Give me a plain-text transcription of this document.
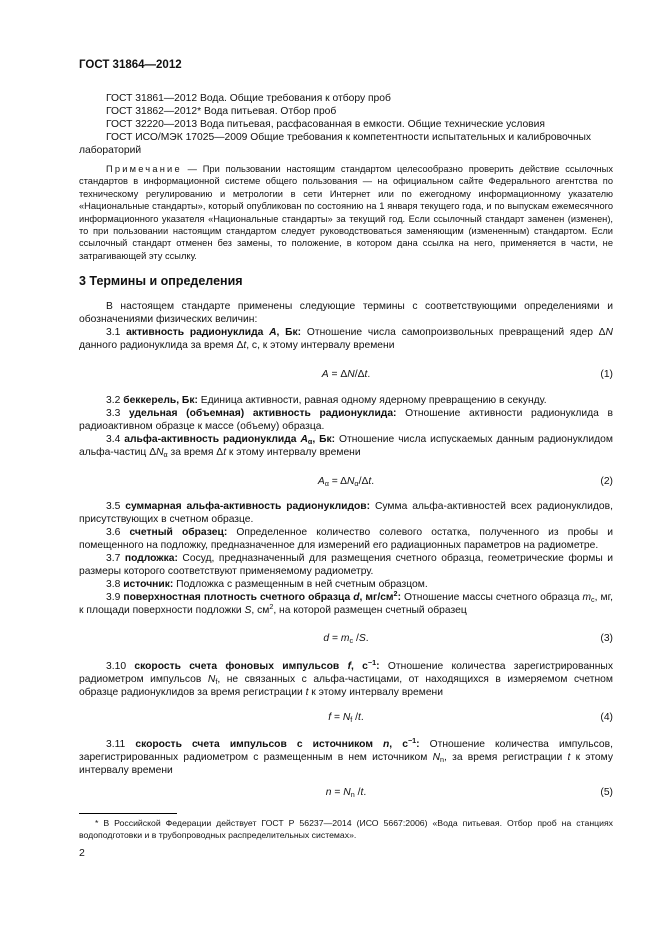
ГОСТ 31864—2012

ГОСТ 31861—2012 Вода. Общие требования к отбору проб

ГОСТ 31862—2012* Вода питьевая. Отбор проб

ГОСТ 32220—2013 Вода питьевая, расфасованная в емкости. Общие технические условия

ГОСТ ИСО/МЭК 17025—2009 Общие требования к компетентности испытательных и калибровочных лабораторий

Примечание — При пользовании настоящим стандартом целесообразно проверить действие ссылочных стандартов в информационной системе общего пользования — на официальном сайте Федерального агентства по техническому регулированию и метрологии в сети Интернет или по ежегодному информационному указателю «Национальные стандарты», который опубликован по состоянию на 1 января текущего года, и по выпускам ежемесячного информационного указателя «Национальные стандарты» за текущий год. Если ссылочный стандарт заменен (изменен), то при пользовании настоящим стандартом следует руководствоваться заменяющим (измененным) стандартом. Если ссылочный стандарт отменен без замены, то положение, в котором дана ссылка на него, применяется в части, не затрагивающей эту ссылку.
3 Термины и определения

В настоящем стандарте применены следующие термины с соответствующими определениями и обозначениями физических величин:

3.1 активность радионуклида A, Бк: Отношение числа самопроизвольных превращений ядер ΔN данного радионуклида за время Δt, с, к этому интервалу времени

A = ΔN/Δt.	(1)

3.2 беккерель, Бк: Единица активности, равная одному ядерному превращению в секунду.

3.3 удельная (объемная) активность радионуклида: Отношение активности радионуклида в радиоактивном образце к массе (объему) образца.

3.4 альфа-активность радионуклида $A_\alpha$, Бк: Отношение числа испускаемых данным радионуклидом альфа-частиц $\Delta N_\alpha$ за время Δt к этому интервалу времени

$A_\alpha = \Delta N_\alpha/\Delta t$.	(2)

3.5 суммарная альфа-активность радионуклидов: Сумма альфа-активностей всех радионуклидов, присутствующих в счетном образце.

3.6 счетный образец: Определенное количество солевого остатка, полученного из пробы и помещенного на подложку, предназначенное для измерений его радиационных параметров на радиометре.

3.7 подложка: Сосуд, предназначенный для размещения счетного образца, геометрические формы и размеры которого соответствуют применяемому радиометру.

3.8 источник: Подложка с размещенным в ней счетным образцом.

3.9 поверхностная плотность счетного образца d, $мг/см^2$: Отношение массы счетного образца $m_c$, мг, к площади поверхности подложки S, $см^2$, на которой размещен счетный образец

$d = m_c$ /S.	(3)

3.10 скорость счета фоновых импульсов f, $с^{-1}$: Отношение количества зарегистрированных радиометром импульсов $N_f$, не связанных с альфа-частицами, от находящихся в измеряемом счетном образце радионуклидов за время регистрации t к этому интервалу времени

$f = N_f$ /t.	(4)

3.11 скорость счета импульсов с источником n, $с^{-1}$: Отношение количества импульсов, зарегистрированных радиометром с размещенным в нем источником $N_n$, за время регистрации t к этому интервалу времени

$n = N_n$ /t.	(5)

* В Российской Федерации действует ГОСТ Р 56237—2014 (ИСО 5667:2006) «Вода питьевая. Отбор проб на станциях водоподготовки и в трубопроводных распределительных системах».

2
